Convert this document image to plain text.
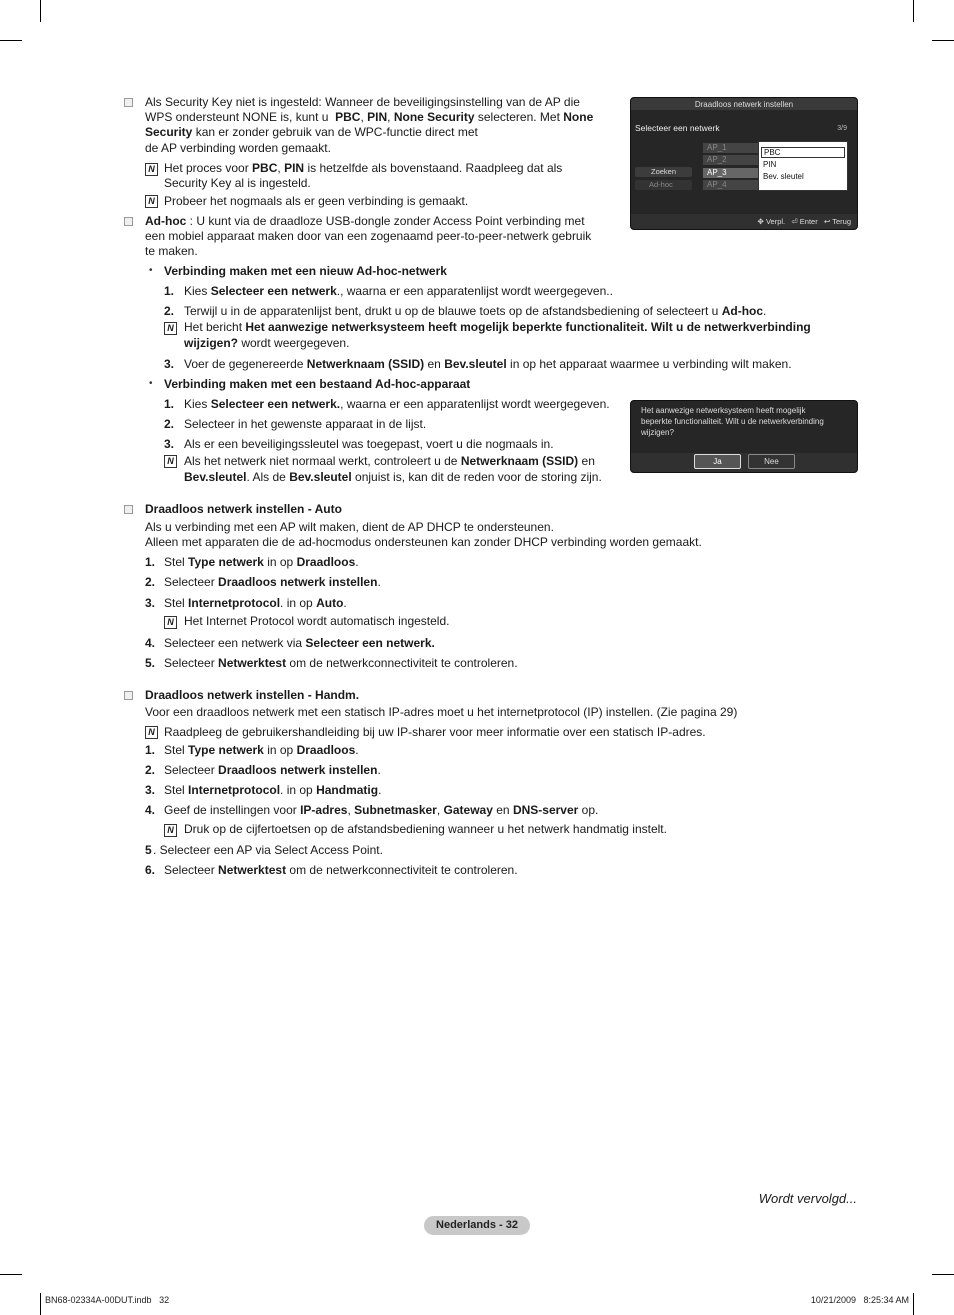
Als Security Key niet is ingesteld: Wanneer de beveiligingsinstelling van de AP die
WPS ondersteunt NONE is, kunt u PBC, PIN, None Security selecteren. Met None
Security kan er zonder gebruik van de WPC-functie direct met
de AP verbinding worden gemaakt.
N Het proces voor PBC, PIN is hetzelfde als bovenstaand. Raadpleeg dat als
Security Key al is ingesteld.
N Probeer het nogmaals als er geen verbinding is gemaakt.
Ad-hoc : U kunt via de draadloze USB-dongle zonder Access Point verbinding met
een mobiel apparaat maken door van een zogenaamd peer-to-peer-netwerk gebruik
te maken.
• Verbinding maken met een nieuw Ad-hoc-netwerk
1. Kies Selecteer een netwerk., waarna er een apparatenlijst wordt weergegeven..
2. Terwijl u in de apparatenlijst bent, drukt u op de blauwe toets op de afstandsbediening of selecteert u Ad-hoc.
N Het bericht Het aanwezige netwerksysteem heeft mogelijk beperkte functionaliteit. Wilt u de netwerkverbinding
wijzigen? wordt weergegeven.
3. Voer de gegenereerde Netwerknaam (SSID) en Bev.sleutel in op het apparaat waarmee u verbinding wilt maken.
• Verbinding maken met een bestaand Ad-hoc-apparaat
1. Kies Selecteer een netwerk., waarna er een apparatenlijst wordt weergegeven.
2. Selecteer in het gewenste apparaat in de lijst.
3. Als er een beveiligingssleutel was toegepast, voert u die nogmaals in.
N Als het netwerk niet normaal werkt, controleert u de Netwerknaam (SSID) en
Bev.sleutel. Als de Bev.sleutel onjuist is, kan dit de reden voor de storing zijn.
Draadloos netwerk instellen - Auto
Als u verbinding met een AP wilt maken, dient de AP DHCP te ondersteunen.
Alleen met apparaten die de ad-hocmodus ondersteunen kan zonder DHCP verbinding worden gemaakt.
1. Stel Type netwerk in op Draadloos.
2. Selecteer Draadloos netwerk instellen.
3. Stel Internetprotocol. in op Auto.
N Het Internet Protocol wordt automatisch ingesteld.
4. Selecteer een netwerk via Selecteer een netwerk.
5. Selecteer Netwerktest om de netwerkconnectiviteit te controleren.
Draadloos netwerk instellen - Handm.
Voor een draadloos netwerk met een statisch IP-adres moet u het internetprotocol (IP) instellen. (Zie pagina 29)
N Raadpleeg de gebruikershandleiding bij uw IP-sharer voor meer informatie over een statisch IP-adres.
1. Stel Type netwerk in op Draadloos.
2. Selecteer Draadloos netwerk instellen.
3. Stel Internetprotocol. in op Handmatig.
4. Geef de instellingen voor IP-adres, Subnetmasker, Gateway en DNS-server op.
N Druk op de cijfertoetsen op de afstandsbediening wanneer u het netwerk handmatig instelt.
5 . Selecteer een AP via Select Access Point.
6. Selecteer Netwerktest om de netwerkconnectiviteit te controleren.
Draadloos netwerk instellen
Selecteer een netwerk	3/9
AP_1
AP_2
AP_3
AP_4
Zoeken
Ad-hoc
PBC
PIN
Bev. sleutel
✥ Verpl. ⏎ Enter ↩ Terug
Het aanwezige netwerksysteem heeft mogelijk
beperkte functionaliteit. Wilt u de netwerkverbinding
wijzigen?
Ja	Nee
Wordt vervolgd...
Nederlands - 32
BN68-02334A-00DUT.indb   32	10/21/2009   8:25:34 AM
